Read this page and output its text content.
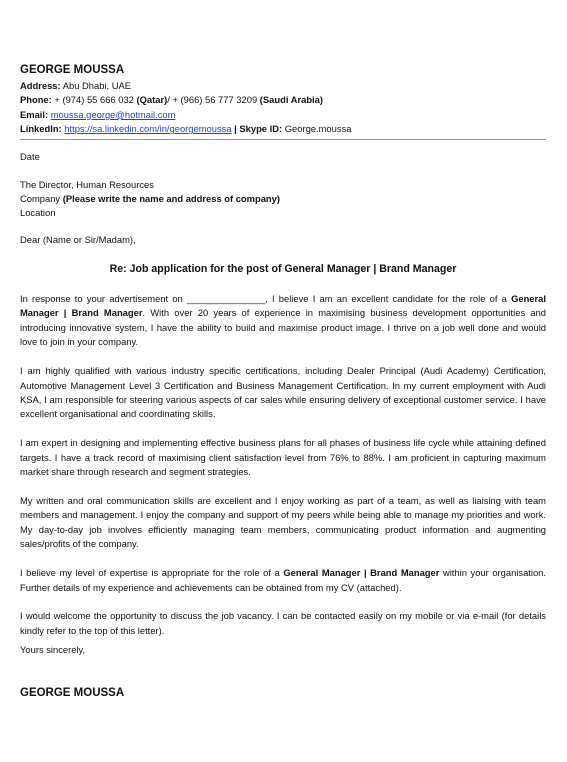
GEORGE MOUSSA
Address: Abu Dhabi, UAE
Phone: + (974) 55 666 032 (Qatar)/ + (966) 56 777 3209 (Saudi Arabia)
Email: moussa.george@hotmail.com
LinkedIn: https://sa.linkedin.com/in/georgemoussa | Skype ID: George.moussa
Date
The Director, Human Resources
Company (Please write the name and address of company)
Location
Dear (Name or Sir/Madam),
Re: Job application for the post of General Manager | Brand Manager

In response to your advertisement on _______________, I believe I am an excellent candidate for the role of a General Manager | Brand Manager. With over 20 years of experience in maximising business development opportunities and introducing innovative system, I have the ability to build and maximise product image. I thrive on a job well done and would love to join in your company.

I am highly qualified with various industry specific certifications, including Dealer Principal (Audi Academy) Certification, Automotive Management Level 3 Certification and Business Management Certification. In my current employment with Audi KSA, I am responsible for steering various aspects of car sales while ensuring delivery of exceptional customer service. I have excellent organisational and coordinating skills.

I am expert in designing and implementing effective business plans for all phases of business life cycle while attaining defined targets. I have a track record of maximising client satisfaction level from 76% to 88%. I am proficient in capturing maximum market share through research and segment strategies.

My written and oral communication skills are excellent and I enjoy working as part of a team, as well as liaising with team members and management. I enjoy the company and support of my peers while being able to manage my priorities and work. My day-to-day job involves efficiently managing team members, communicating product information and augmenting sales/profits of the company.

I believe my level of expertise is appropriate for the role of a General Manager | Brand Manager within your organisation. Further details of my experience and achievements can be obtained from my CV (attached).

I would welcome the opportunity to discuss the job vacancy. I can be contacted easily on my mobile or via e-mail (for details kindly refer to the top of this letter).

Yours sincerely,
GEORGE MOUSSA
